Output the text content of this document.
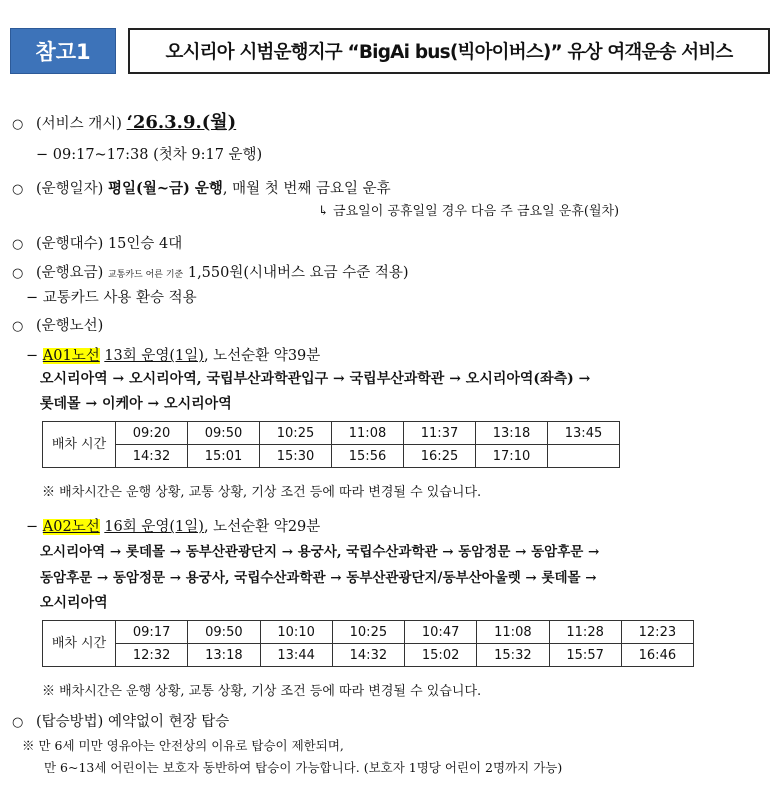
참고1	오시리아 시범운행지구 “BigAi bus(빅아이버스)” 유상 여객운송 서비스
○ (서비스 개시) ‘26.3.9.(월)
− 09:17~17:38 (첫차 9:17 운행)
○ (운행일자) 평일(월~금) 운행, 매월 첫 번째 금요일 운휴
↳ 금요일이 공휴일일 경우 다음 주 금요일 운휴(월차)
○ (운행대수) 15인승 4대
○ (운행요금) 교통카드 어른 기준 1,550원(시내버스 요금 수준 적용)
− 교통카드 사용 환승 적용
○ (운행노선)
− A01노선 13회 운영(1일), 노선순환 약39분
오시리아역 → 오시리아역, 국립부산과학관입구 → 국립부산과학관 → 오시리아역(좌측) →
롯데몰 → 이케아 → 오시리아역
배차 시간	09:20	09:50	10:25	11:08	11:37	13:18	13:45
	14:32	15:01	15:30	15:56	16:25	17:10	
※ 배차시간은 운행 상황, 교통 상황, 기상 조건 등에 따라 변경될 수 있습니다.
− A02노선 16회 운영(1일), 노선순환 약29분
오시리아역 → 롯데몰 → 동부산관광단지 → 용궁사, 국립수산과학관 → 동암정문 → 동암후문 →
동암후문 → 동암정문 → 용궁사, 국립수산과학관 → 동부산관광단지/동부산아울렛 → 롯데몰 →
오시리아역
배차 시간	09:17	09:50	10:10	10:25	10:47	11:08	11:28	12:23
	12:32	13:18	13:44	14:32	15:02	15:32	15:57	16:46
※ 배차시간은 운행 상황, 교통 상황, 기상 조건 등에 따라 변경될 수 있습니다.
○ (탑승방법) 예약없이 현장 탑승
※ 만 6세 미만 영유아는 안전상의 이유로 탑승이 제한되며,
만 6~13세 어린이는 보호자 동반하여 탑승이 가능합니다. (보호자 1명당 어린이 2명까지 가능)
